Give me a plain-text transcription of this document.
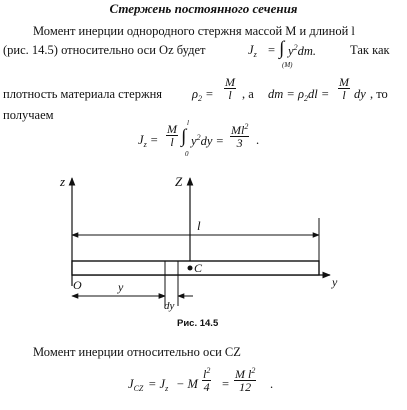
Стержень постоянного сечения
Момент инерции однородного стержня массой M и длиной l
(рис. 14.5) относительно оси Oz будет	$J_z$ = ∫
(M)
$y^2dm$.	Так как
плотность материала стержня $\rho_2 = \frac{M}{l}$ , а dm = $\rho_2dl = \frac{M}{l}$ dy , то
получаем
$J_z = \frac{M}{l}$ l
∫
0
$y^2dy = \frac{Ml^2}{3}$ .
z	Z
l
C
O	y	y
dy
Рис. 14.5
Момент инерции относительно оси CZ
$J_{CZ} = J_z - M \frac{l^2}{4} = \frac{M l^2}{12}$ .
